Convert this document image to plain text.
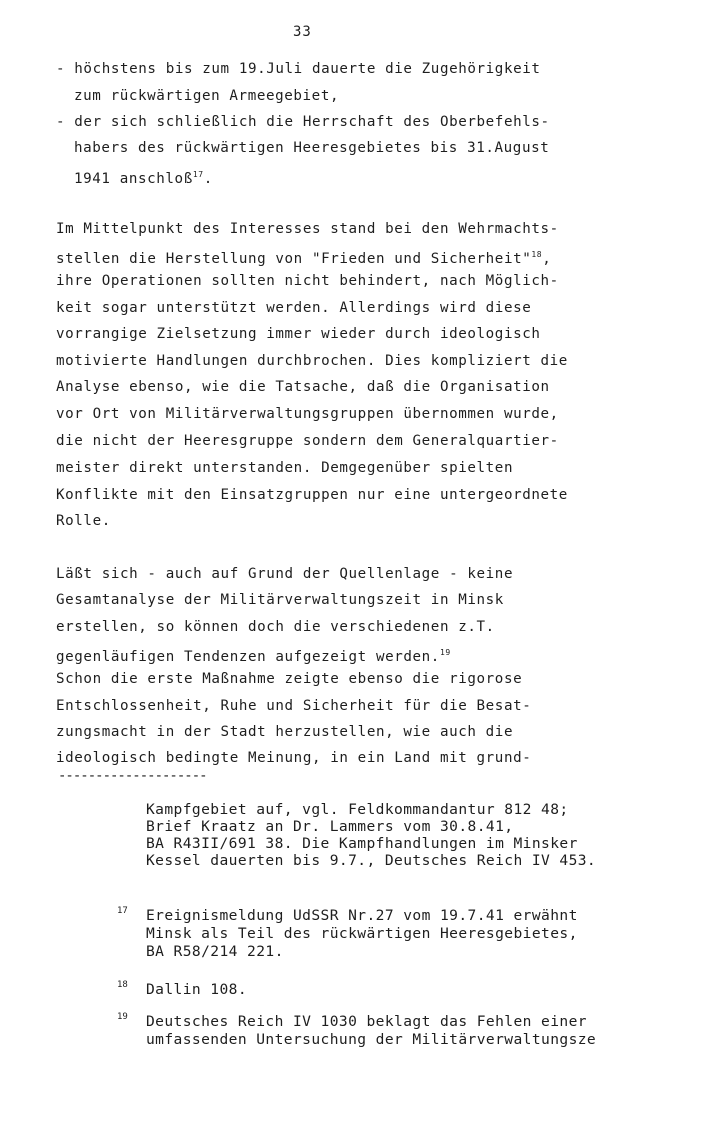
33
- höchstens bis zum 19.Juli dauerte die Zugehörigkeit
zum rückwärtigen Armeegebiet,
- der sich schließlich die Herrschaft des Oberbefehls-
habers des rückwärtigen Heeresgebietes bis 31.August
1941 anschloß$^{17}$.
Im Mittelpunkt des Interesses stand bei den Wehrmachts-
stellen die Herstellung von "Frieden und Sicherheit"$^{18}$,
ihre Operationen sollten nicht behindert, nach Möglich-
keit sogar unterstützt werden. Allerdings wird diese
vorrangige Zielsetzung immer wieder durch ideologisch
motivierte Handlungen durchbrochen. Dies kompliziert die
Analyse ebenso, wie die Tatsache, daß die Organisation
vor Ort von Militärverwaltungsgruppen übernommen wurde,
die nicht der Heeresgruppe sondern dem Generalquartier-
meister direkt unterstanden. Demgegenüber spielten
Konflikte mit den Einsatzgruppen nur eine untergeordnete
Rolle.
Läßt sich - auch auf Grund der Quellenlage - keine
Gesamtanalyse der Militärverwaltungszeit in Minsk
erstellen, so können doch die verschiedenen z.T.
gegenläufigen Tendenzen aufgezeigt werden.$^{19}$
Schon die erste Maßnahme zeigte ebenso die rigorose
Entschlossenheit, Ruhe und Sicherheit für die Besat-
zungsmacht in der Stadt herzustellen, wie auch die
ideologisch bedingte Meinung, in ein Land mit grund-
--------------------
Kampfgebiet auf, vgl. Feldkommandantur 812 48;
Brief Kraatz an Dr. Lammers vom 30.8.41,
BA R43II/691 38. Die Kampfhandlungen im Minsker
Kessel dauerten bis 9.7., Deutsches Reich IV 453.
17 Ereignismeldung UdSSR Nr.27 vom 19.7.41 erwähnt
Minsk als Teil des rückwärtigen Heeresgebietes,
BA R58/214 221.
18 Dallin 108.
19 Deutsches Reich IV 1030 beklagt das Fehlen einer
umfassenden Untersuchung der Militärverwaltungsze
